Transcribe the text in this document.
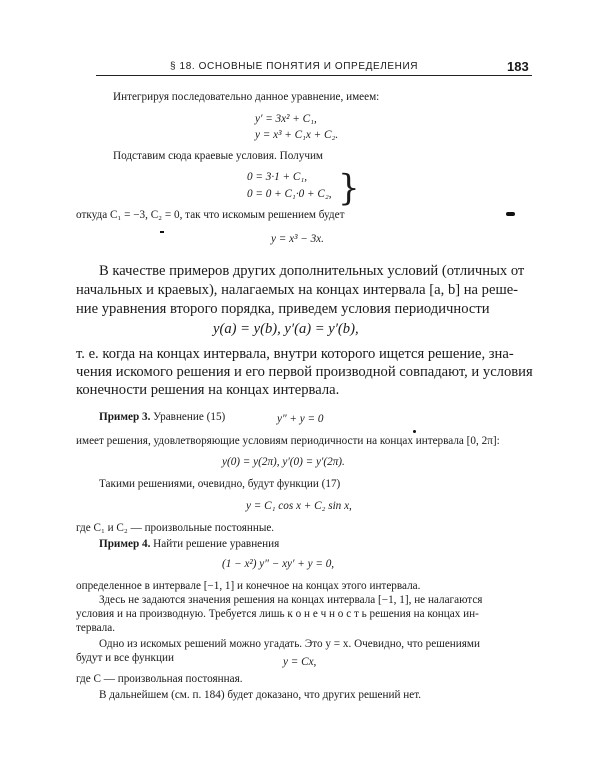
§ 18. ОСНОВНЫЕ ПОНЯТИЯ И ОПРЕДЕЛЕНИЯ	183
Интегрируя последовательно данное уравнение, имеем:
y′ = 3x² + C₁,
y = x³ + C₁x + C₂.
Подставим сюда краевые условия. Получим
0 = 3·1 + C₁,
0 = 0 + C₁·0 + C₂, }
откуда C₁ = −3, C₂ = 0, так что искомым решением будет
y = x³ − 3x.
В качестве примеров других дополнительных условий (отличных от
начальных и краевых), налагаемых на концах интервала [a, b] на реше-
ние уравнения второго порядка, приведем условия периодичности
y(a) = y(b), y′(a) = y′(b),
т. е. когда на концах интервала, внутри которого ищется решение, зна-
чения искомого решения и его первой производной совпадают, и условия
конечности решения на концах интервала.
Пример 3. Уравнение (15)	y″ + y = 0
имеет решения, удовлетворяющие условиям периодичности на концах интервала [0, 2π]:
y(0) = y(2π), y′(0) = y′(2π).
Такими решениями, очевидно, будут функции (17)
y = C₁ cos x + C₂ sin x,
где C₁ и C₂ — произвольные постоянные.
Пример 4. Найти решение уравнения
(1 − x²) y″ − xy′ + y = 0,
определенное в интервале [−1, 1] и конечное на концах этого интервала.
Здесь не задаются значения решения на концах интервала [−1, 1], не налагаются
условия и на производную. Требуется лишь к о н е ч н о с т ь решения на концах ин-
тервала.
Одно из искомых решений можно угадать. Это y = x. Очевидно, что решениями
будут и все функции	y = Cx,
где C — произвольная постоянная.
В дальнейшем (см. п. 184) будет доказано, что других решений нет.
